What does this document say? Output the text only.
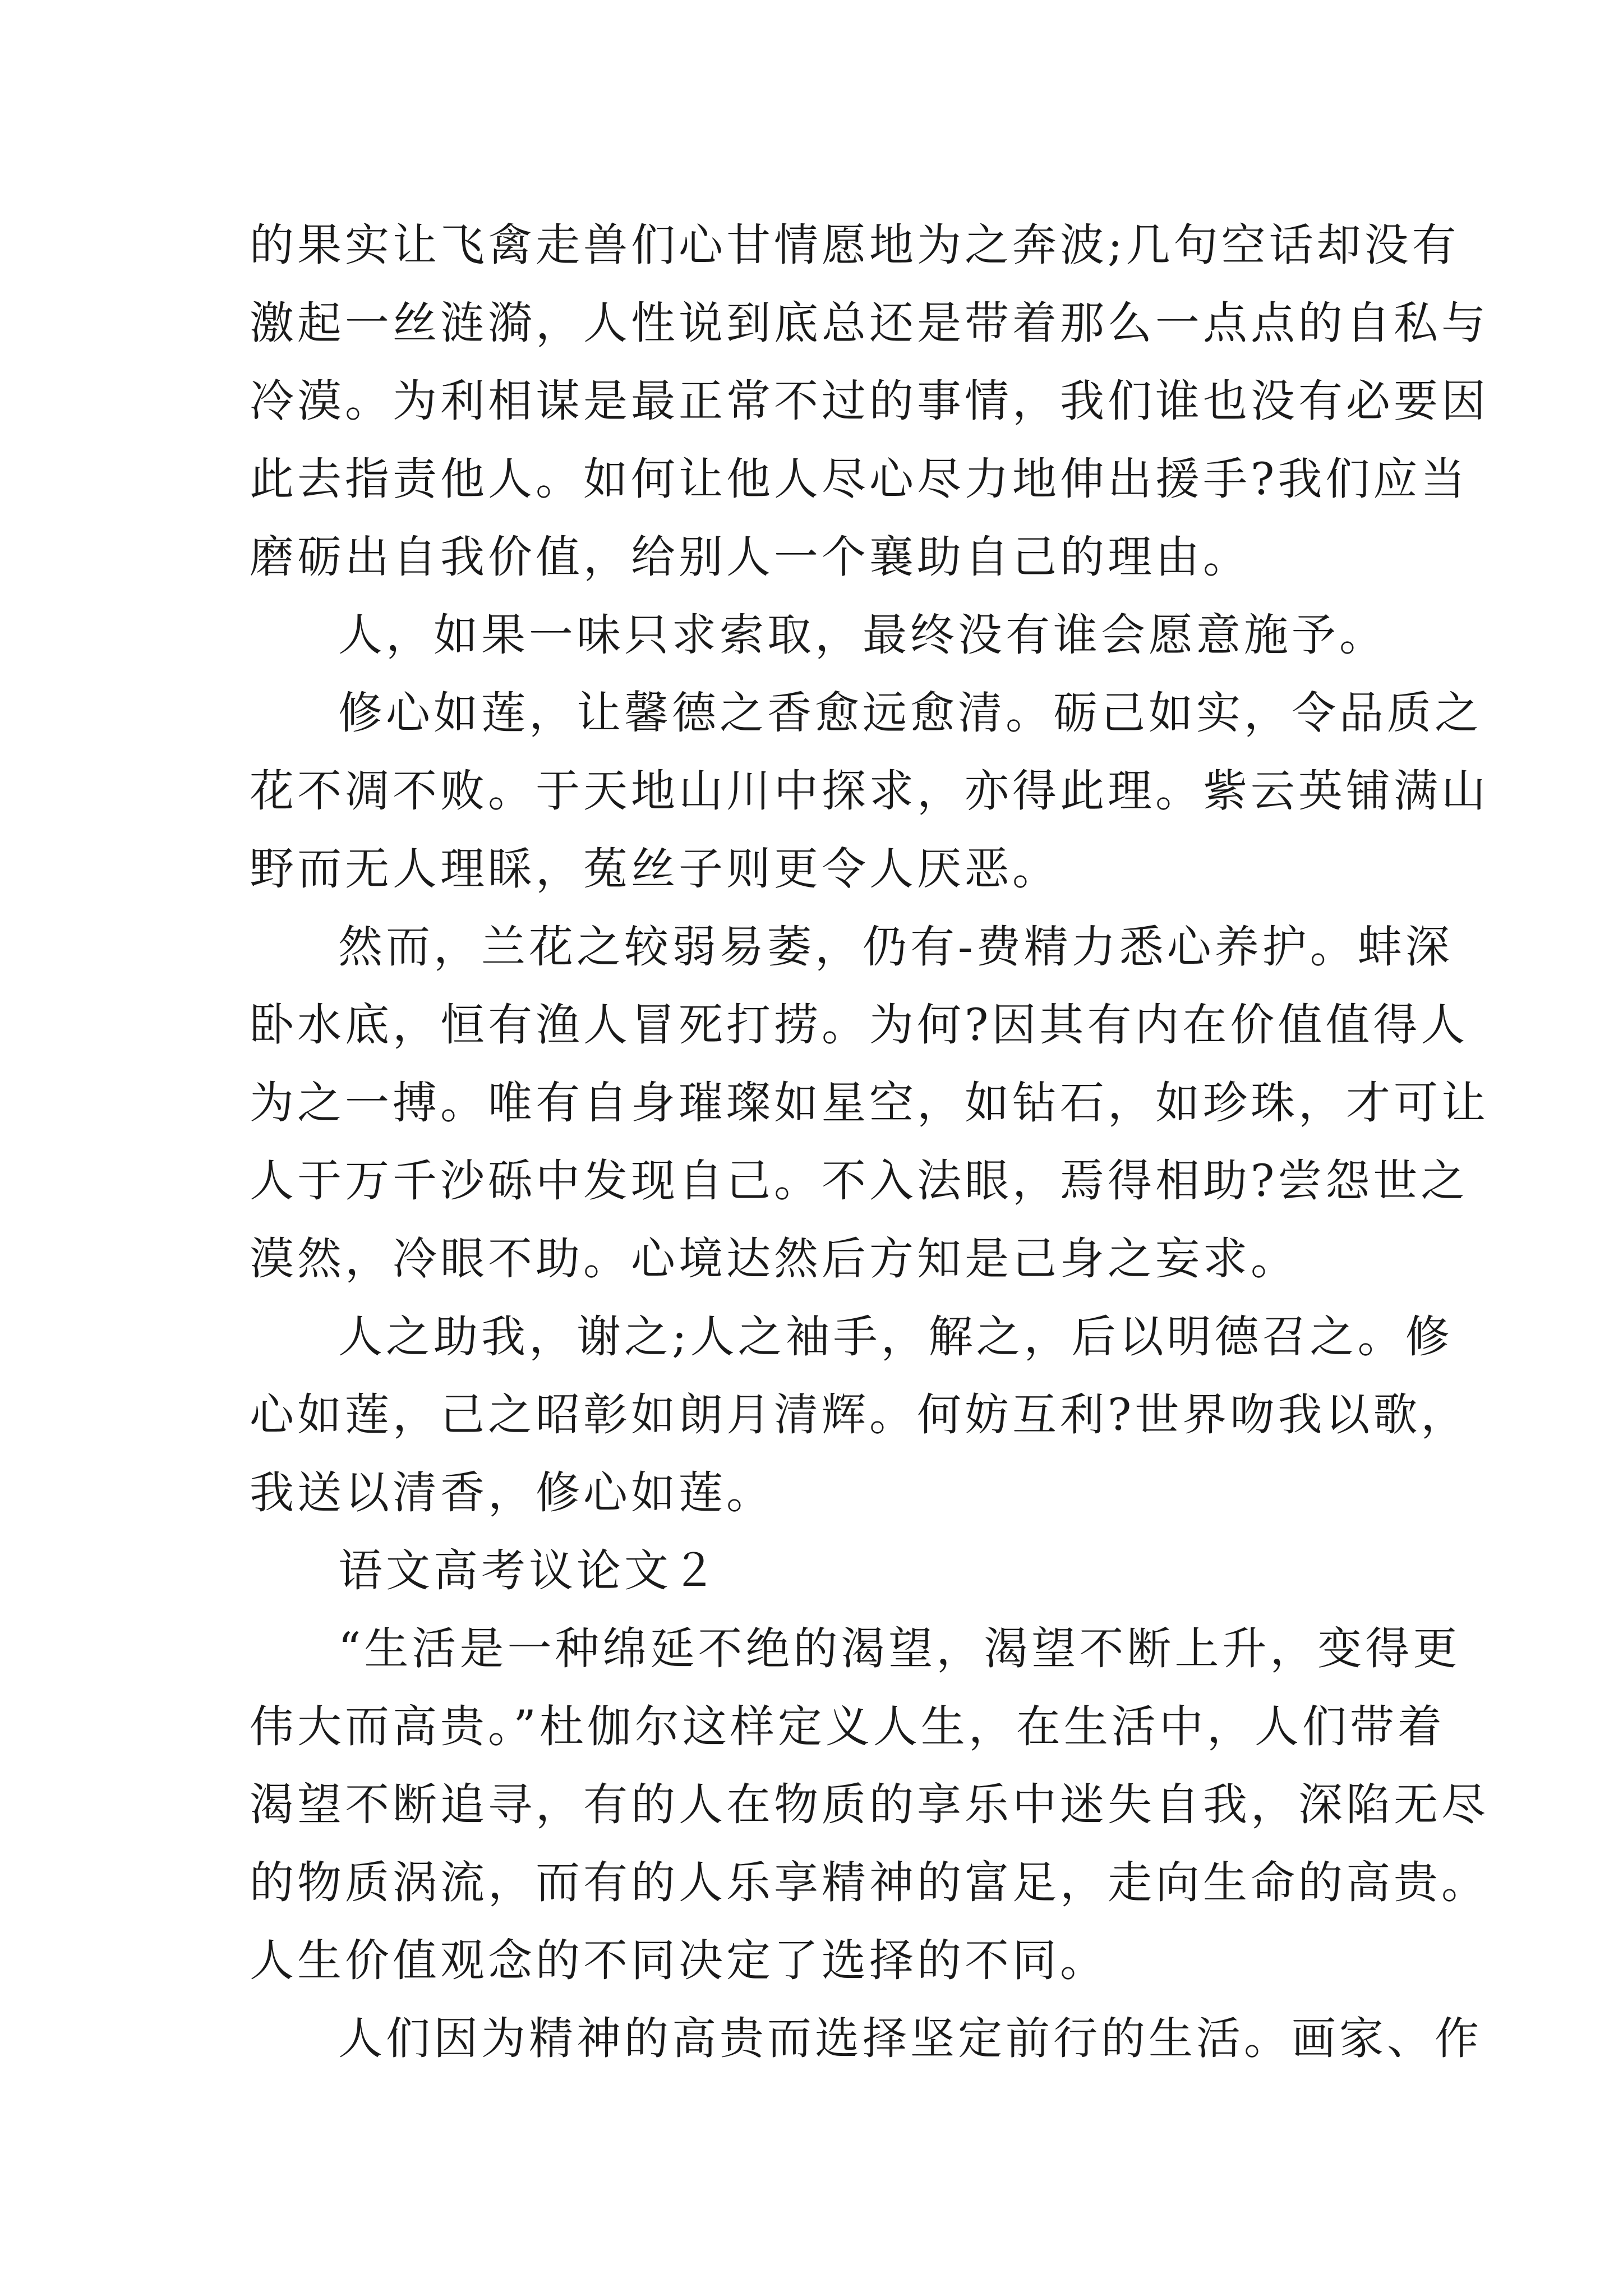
的果实让飞禽走兽们心甘情愿地为之奔波;几句空话却没有
激起一丝涟漪，人性说到底总还是带着那么一点点的自私与
冷漠。为利相谋是最正常不过的事情，我们谁也没有必要因
此去指责他人。如何让他人尽心尽力地伸出援手?我们应当
磨砺出自我价值，给别人一个襄助自己的理由。
人，如果一味只求索取，最终没有谁会愿意施予。
修心如莲，让馨德之香愈远愈清。砺己如实，令品质之
花不凋不败。于天地山川中探求，亦得此理。紫云英铺满山
野而无人理睬，菟丝子则更令人厌恶。
然而，兰花之较弱易萎，仍有-费精力悉心养护。蚌深
卧水底，恒有渔人冒死打捞。为何?因其有内在价值值得人
为之一搏。唯有自身璀璨如星空，如钻石，如珍珠，才可让
人于万千沙砾中发现自己。不入法眼，焉得相助?尝怨世之
漠然，冷眼不助。心境达然后方知是己身之妄求。
人之助我，谢之;人之袖手，解之，后以明德召之。修
心如莲，己之昭彰如朗月清辉。何妨互利?世界吻我以歌，
我送以清香，修心如莲。
语文高考议论文２
“生活是一种绵延不绝的渴望，渴望不断上升，变得更
伟大而高贵。”杜伽尔这样定义人生，在生活中，人们带着
渴望不断追寻，有的人在物质的享乐中迷失自我，深陷无尽
的物质涡流，而有的人乐享精神的富足，走向生命的高贵。
人生价值观念的不同决定了选择的不同。
人们因为精神的高贵而选择坚定前行的生活。画家、作
